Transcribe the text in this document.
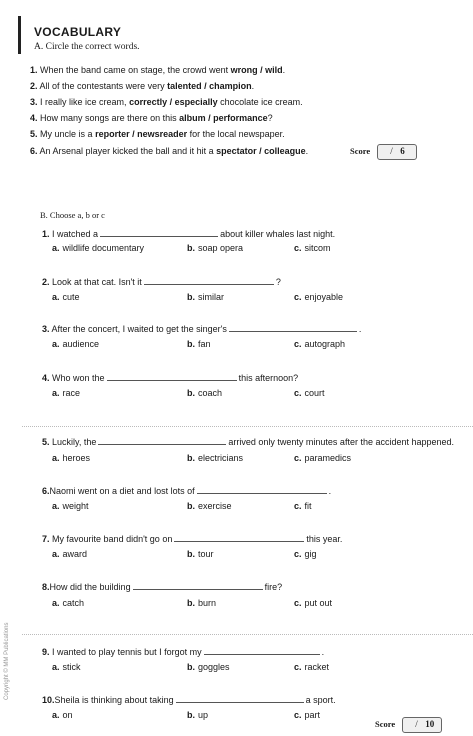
VOCABULARY
A. Circle the correct words.
1. When the band came on stage, the crowd went wrong / wild.
2. All of the contestants were very talented / champion.
3. I really like ice cream, correctly / especially chocolate ice cream.
4. How many songs are there on this album / performance?
5. My uncle is a reporter / newsreader for the local newspaper.
6. An Arsenal player kicked the ball and it hit a spectator / colleague.	Score / 6
B. Choose a, b or c
1. I watched a	about killer whales last night.
a. wildlife documentary	b. soap opera	c. sitcom
2. Look at that cat. Isn't it	?
a. cute	b. similar	c. enjoyable
3. After the concert, I waited to get the singer's	.
a. audience	b. fan	c. autograph
4. Who won the	this afternoon?
a. race	b. coach	c. court
5. Luckily, the	arrived only twenty minutes after the accident happened.
a. heroes	b. electricians	c. paramedics
6.Naomi went on a diet and lost lots of	.
a. weight	b. exercise	c. fit
7. My favourite band didn't go on	this year.
a. award	b. tour	c. gig
8.How did the building	fire?
a. catch	b. burn	c. put out
9. I wanted to play tennis but I forgot my	.
a. stick	b. goggles	c. racket
10.Sheila is thinking about taking	a sport.
a. on	b. up	c. part
Score / 10
Copyright © MM Publications
